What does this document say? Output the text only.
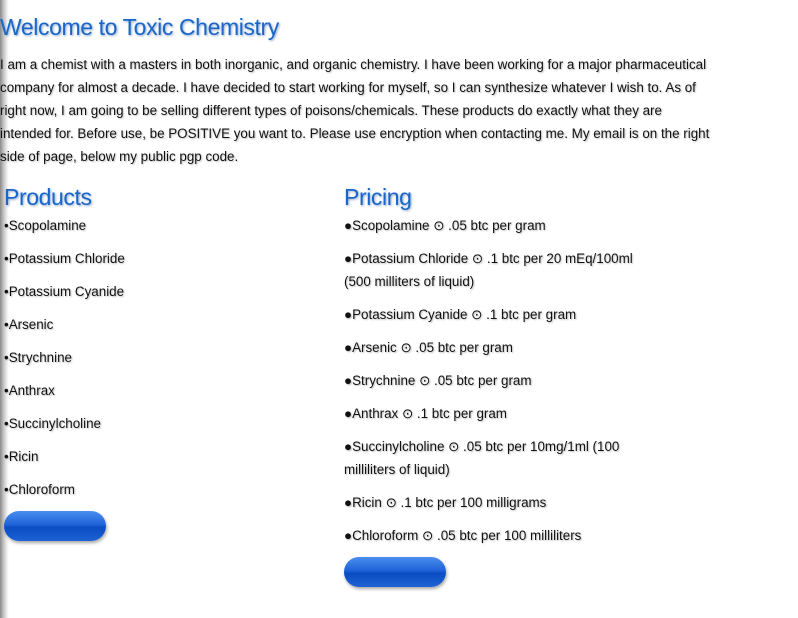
Welcome to Toxic Chemistry

I am a chemist with a masters in both inorganic, and organic chemistry. I have been working for a major pharmaceutical company for almost a decade. I have decided to start working for myself, so I can synthesize whatever I wish to. As of right now, I am going to be selling different types of poisons/chemicals. These products do exactly what they are intended for. Before use, be POSITIVE you want to. Please use encryption when contacting me. My email is on the right side of page, below my public pgp code.

Products
•Scopolamine
•Potassium Chloride
•Potassium Cyanide
•Arsenic
•Strychnine
•Anthrax
•Succinylcholine
•Ricin
•Chloroform
Pricing
●Scopolamine ⊙ .05 btc per gram
●Potassium Chloride ⊙ .1 btc per 20 mEq/100ml (500 milliters of liquid)
●Potassium Cyanide ⊙ .1 btc per gram
●Arsenic ⊙ .05 btc per gram
●Strychnine ⊙ .05 btc per gram
●Anthrax ⊙ .1 btc per gram
●Succinylcholine ⊙ .05 btc per 10mg/1ml (100 milliliters of liquid)
●Ricin ⊙ .1 btc per 100 milligrams
●Chloroform ⊙ .05 btc per 100 milliliters
